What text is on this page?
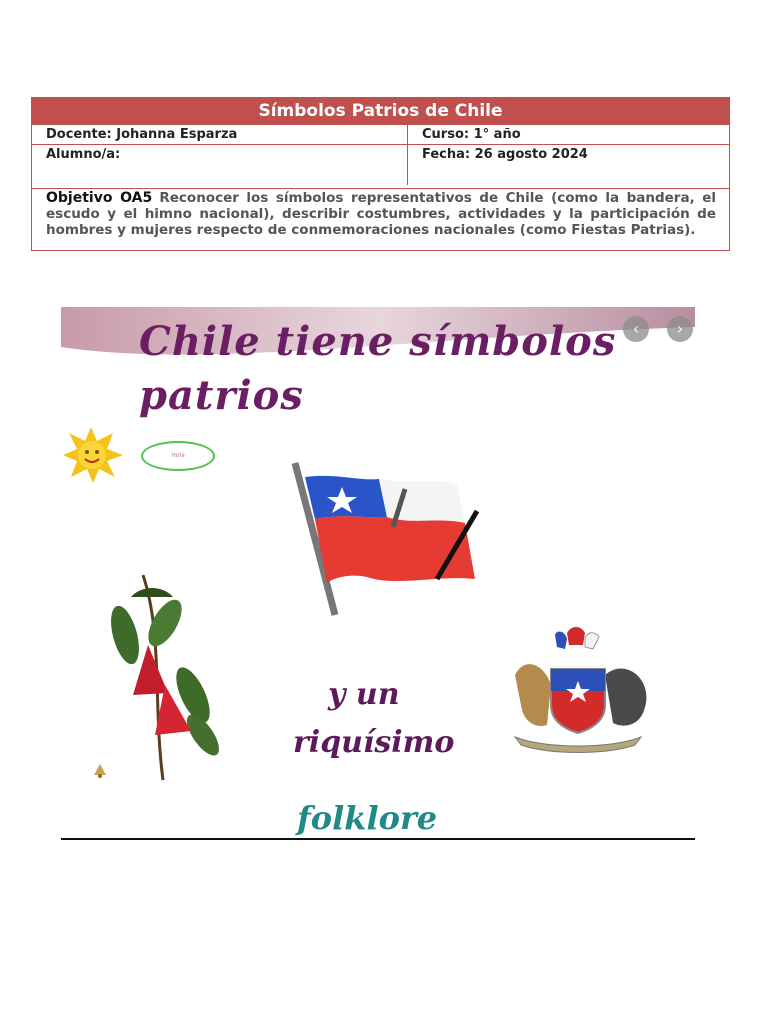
Símbolos Patrios de Chile
Docente: Johanna Esparza	Curso: 1° año
Alumno/a:	Fecha: 26 agosto 2024
Objetivo OA5 Reconocer los símbolos representativos de Chile (como la bandera, el escudo y el himno nacional), describir costumbres, actividades y la participación de hombres y mujeres respecto de conmemoraciones nacionales (como Fiestas Patrias).
Chile tiene símbolos
patrios
‹	›
Hola
y un
riquísimo
folklore
